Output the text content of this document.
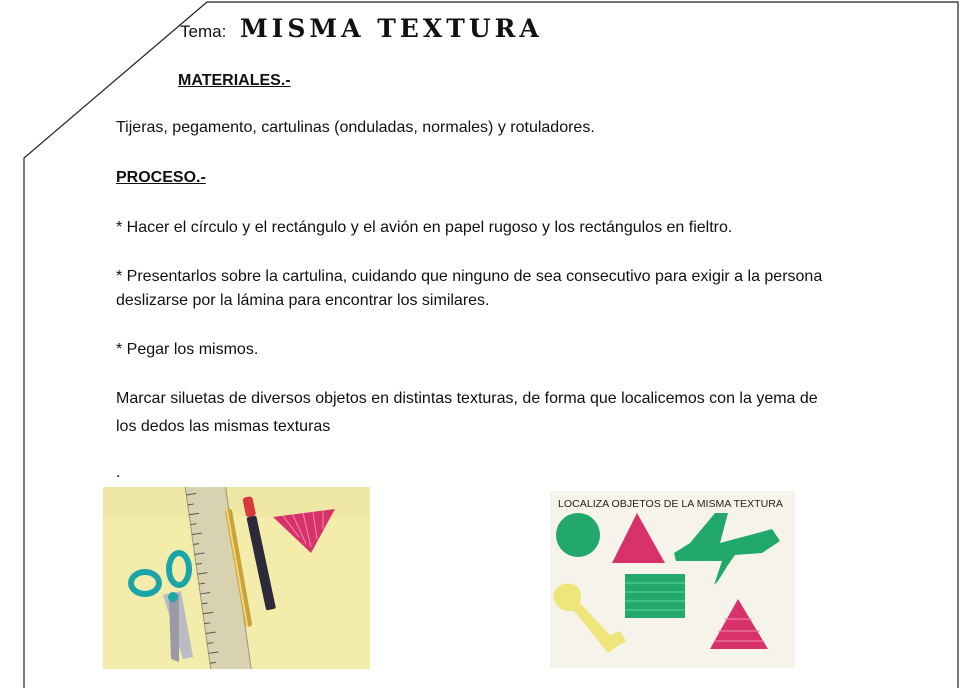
Tema: MISMA TEXTURA
MATERIALES.-
Tijeras, pegamento, cartulinas (onduladas, normales) y rotuladores.
PROCESO.-
* Hacer el círculo y el rectángulo y el avión en papel rugoso y los rectángulos en fieltro.
* Presentarlos sobre la cartulina, cuidando que ninguno de sea consecutivo para exigir a la persona deslizarse por la lámina para encontrar los similares.
* Pegar los mismos.
Marcar siluetas de diversos objetos en distintas texturas, de forma que localicemos con la yema de los dedos las mismas texturas
.
LOCALIZA OBJETOS DE LA MISMA TEXTURA
